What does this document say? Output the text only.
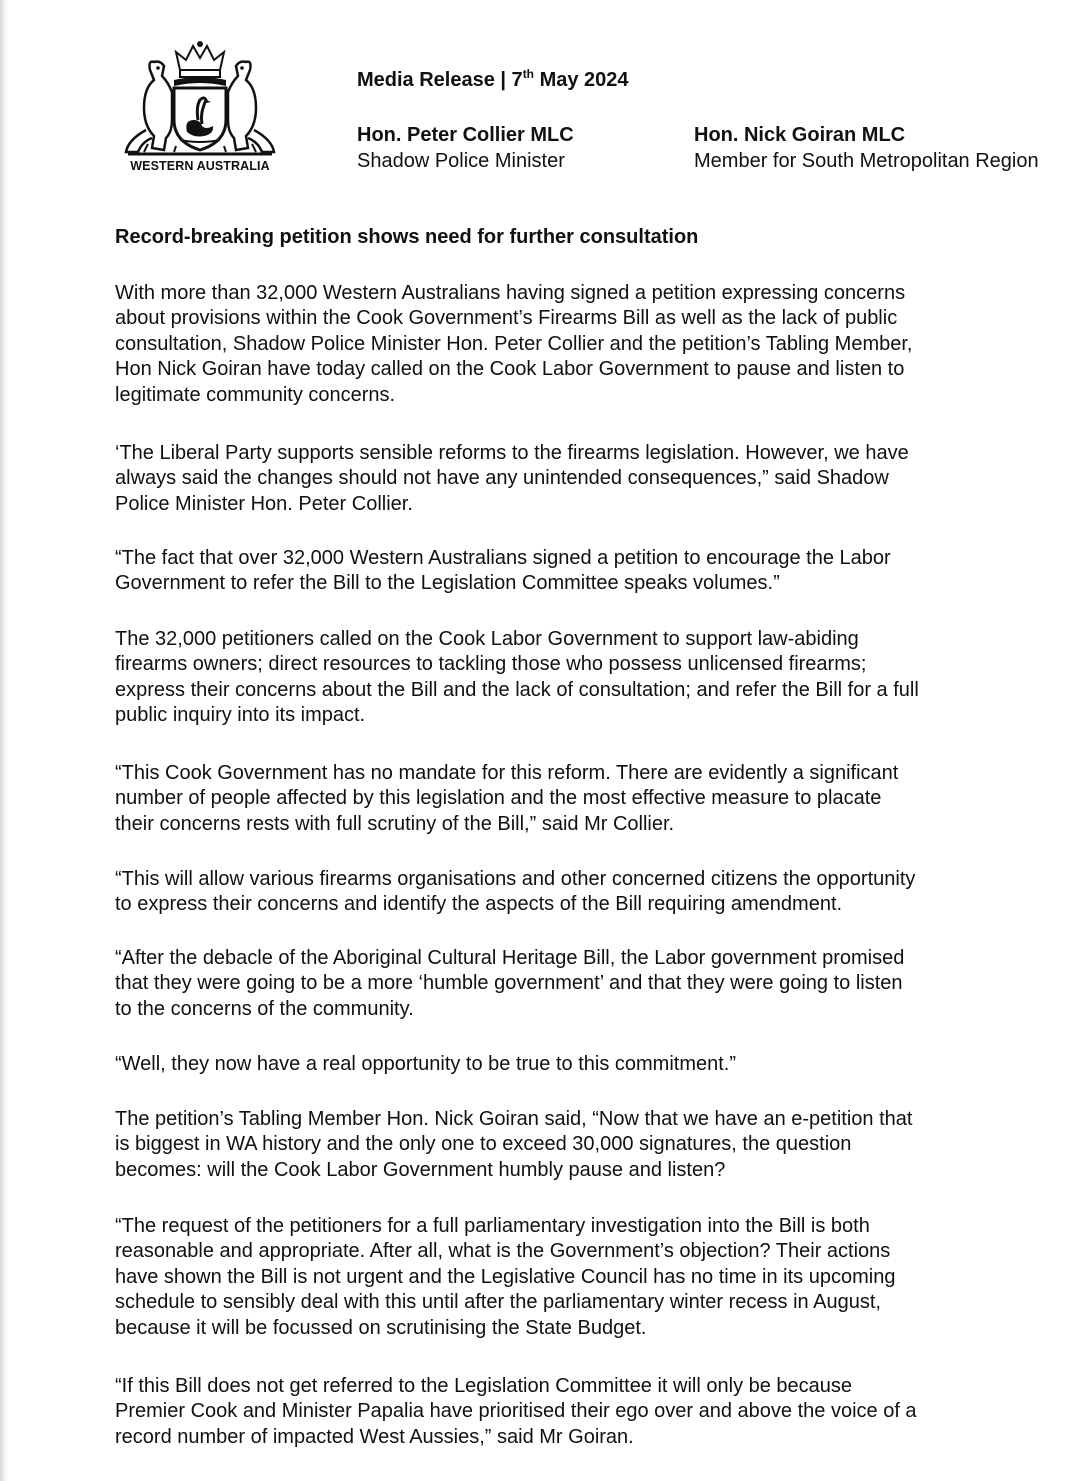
WESTERN AUSTRALIA
Media Release | 7th May 2024
Hon. Peter Collier MLC
Shadow Police Minister
Hon. Nick Goiran MLC
Member for South Metropolitan Region
Record-breaking petition shows need for further consultation

With more than 32,000 Western Australians having signed a petition expressing concerns
about provisions within the Cook Government’s Firearms Bill as well as the lack of public
consultation, Shadow Police Minister Hon. Peter Collier and the petition’s Tabling Member,
Hon Nick Goiran have today called on the Cook Labor Government to pause and listen to
legitimate community concerns.

‘The Liberal Party supports sensible reforms to the firearms legislation. However, we have
always said the changes should not have any unintended consequences,” said Shadow
Police Minister Hon. Peter Collier.

“The fact that over 32,000 Western Australians signed a petition to encourage the Labor
Government to refer the Bill to the Legislation Committee speaks volumes.”

The 32,000 petitioners called on the Cook Labor Government to support law-abiding
firearms owners; direct resources to tackling those who possess unlicensed firearms;
express their concerns about the Bill and the lack of consultation; and refer the Bill for a full
public inquiry into its impact.

“This Cook Government has no mandate for this reform. There are evidently a significant
number of people affected by this legislation and the most effective measure to placate
their concerns rests with full scrutiny of the Bill,” said Mr Collier.

“This will allow various firearms organisations and other concerned citizens the opportunity
to express their concerns and identify the aspects of the Bill requiring amendment.

“After the debacle of the Aboriginal Cultural Heritage Bill, the Labor government promised
that they were going to be a more ‘humble government’ and that they were going to listen
to the concerns of the community.

“Well, they now have a real opportunity to be true to this commitment.”

The petition’s Tabling Member Hon. Nick Goiran said, “Now that we have an e-petition that
is biggest in WA history and the only one to exceed 30,000 signatures, the question
becomes: will the Cook Labor Government humbly pause and listen?

“The request of the petitioners for a full parliamentary investigation into the Bill is both
reasonable and appropriate. After all, what is the Government’s objection? Their actions
have shown the Bill is not urgent and the Legislative Council has no time in its upcoming
schedule to sensibly deal with this until after the parliamentary winter recess in August,
because it will be focussed on scrutinising the State Budget.

“If this Bill does not get referred to the Legislation Committee it will only be because
Premier Cook and Minister Papalia have prioritised their ego over and above the voice of a
record number of impacted West Aussies,” said Mr Goiran.
